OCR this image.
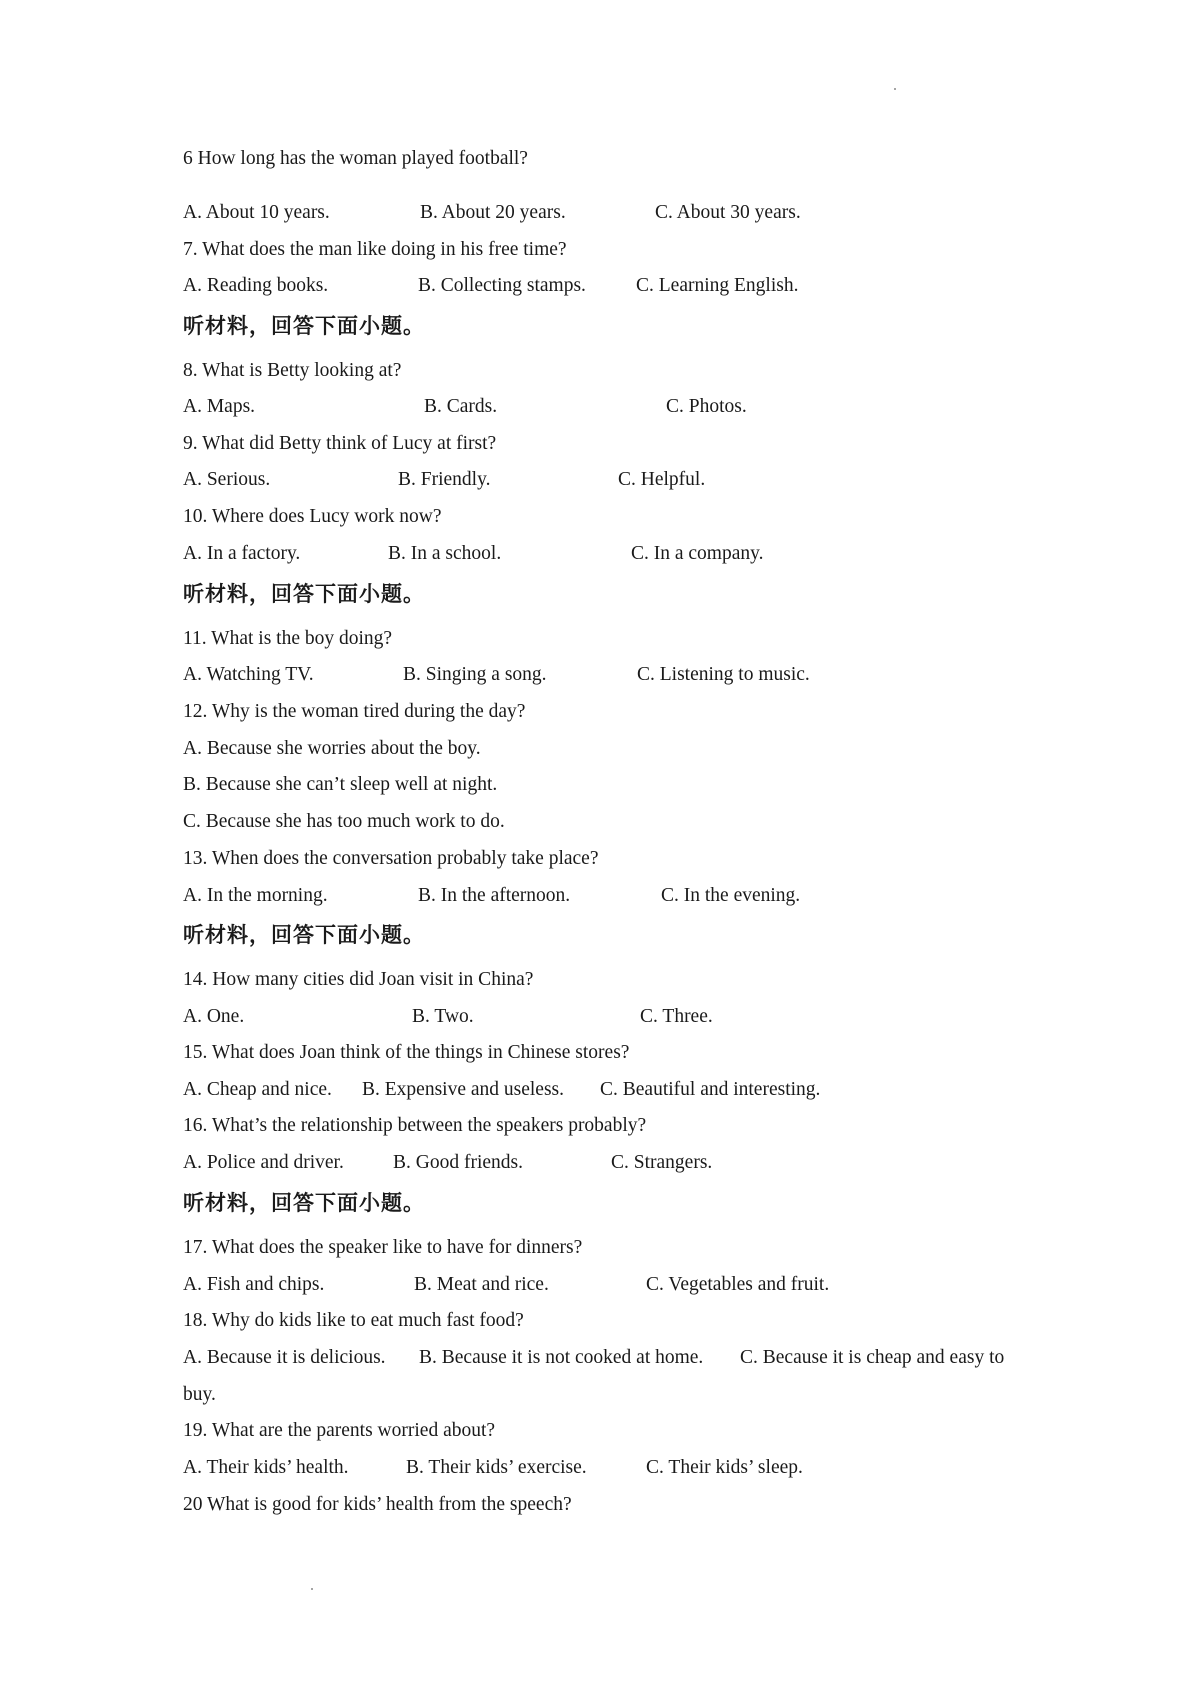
6 How long has the woman played football?
A. About 10 years.	B. About 20 years.	C. About 30 years.
7. What does the man like doing in his free time?
A. Reading books.	B. Collecting stamps.	C. Learning English.
听材料，回答下面小题。
8. What is Betty looking at?
A. Maps.	B. Cards.	C. Photos.
9. What did Betty think of Lucy at first?
A. Serious.	B. Friendly.	C. Helpful.
10. Where does Lucy work now?
A. In a factory.	B. In a school.	C. In a company.
听材料，回答下面小题。
11. What is the boy doing?
A. Watching TV.	B. Singing a song.	C. Listening to music.
12. Why is the woman tired during the day?
A. Because she worries about the boy.
B. Because she can’t sleep well at night.
C. Because she has too much work to do.
13. When does the conversation probably take place?
A. In the morning.	B. In the afternoon.	C. In the evening.
听材料，回答下面小题。
14. How many cities did Joan visit in China?
A. One.	B. Two.	C. Three.
15. What does Joan think of the things in Chinese stores?
A. Cheap and nice. B. Expensive and useless. C. Beautiful and interesting.
16. What’s the relationship between the speakers probably?
A. Police and driver.	B. Good friends.	C. Strangers.
听材料，回答下面小题。
17. What does the speaker like to have for dinners?
A. Fish and chips.	B. Meat and rice.	C. Vegetables and fruit.
18. Why do kids like to eat much fast food?
A. Because it is delicious. B. Because it is not cooked at home. C. Because it is cheap and easy to
buy.
19. What are the parents worried about?
A. Their kids’ health.	B. Their kids’ exercise.	C. Their kids’ sleep.
20 What is good for kids’ health from the speech?
